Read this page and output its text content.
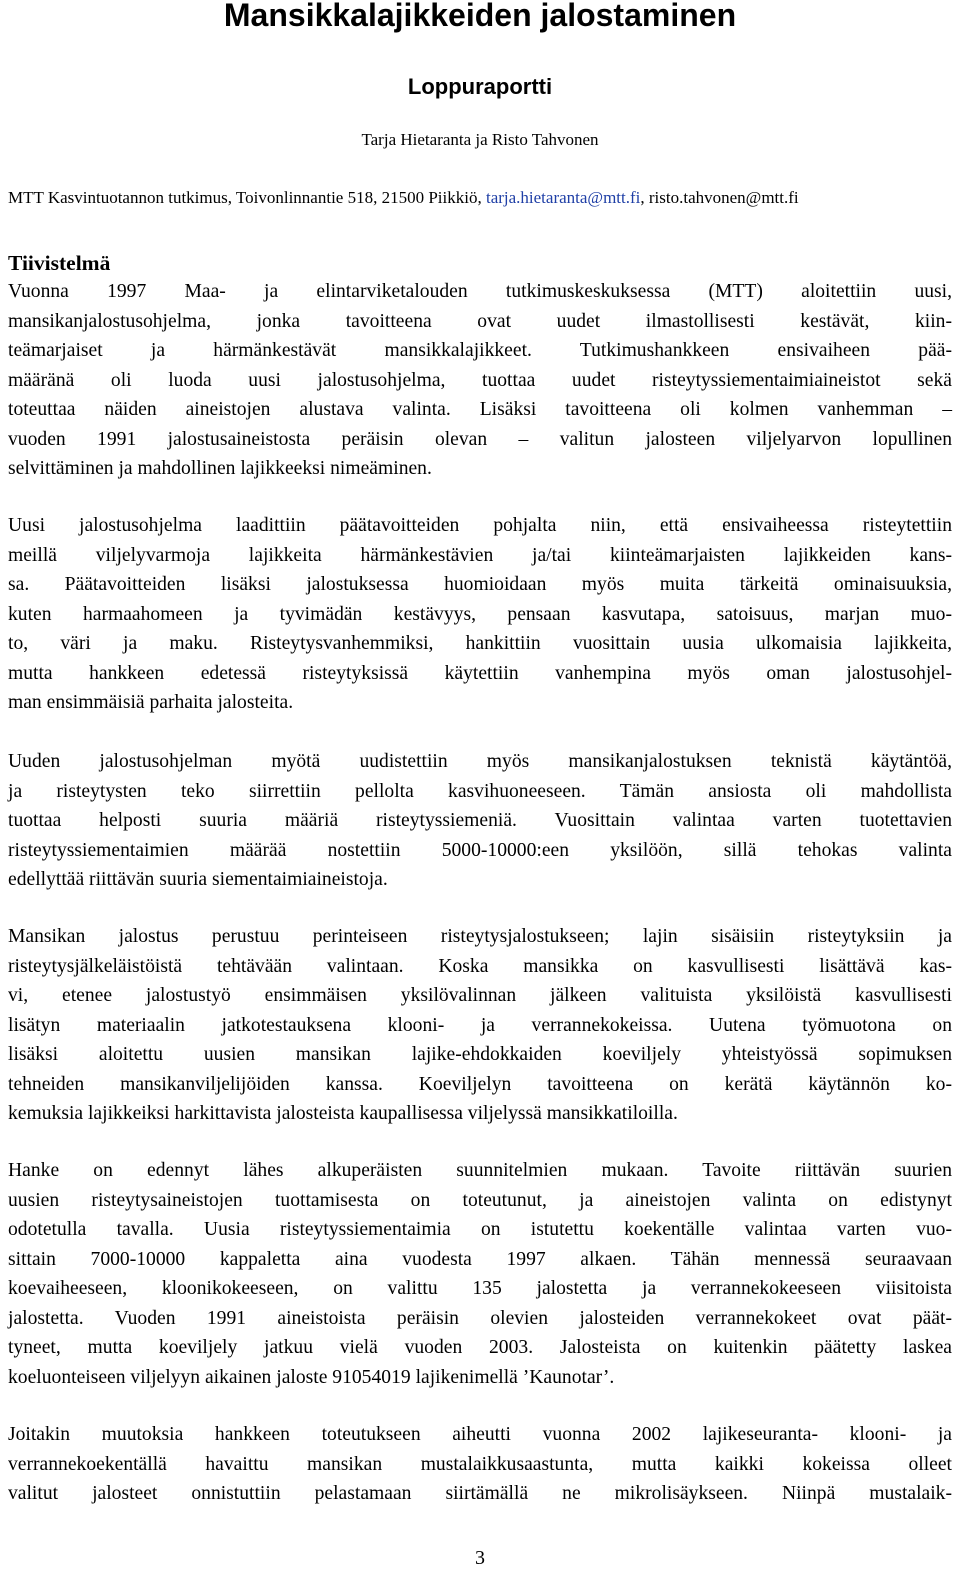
Mansikkalajikkeiden jalostaminen
Loppuraportti

Tarja Hietaranta ja Risto Tahvonen

MTT Kasvintuotannon tutkimus, Toivonlinnantie 518, 21500 Piikkiö, tarja.hietaranta@mtt.fi, risto.tahvonen@mtt.fi

Tiivistelmä
Vuonna 1997 Maa- ja elintarviketalouden tutkimuskeskuksessa (MTT) aloitettiin uusi,
mansikanjalostusohjelma, jonka tavoitteena ovat uudet ilmastollisesti kestävät, kiin-
teämarjaiset ja härmänkestävät mansikkalajikkeet. Tutkimushankkeen ensivaiheen pää-
määränä oli luoda uusi jalostusohjelma, tuottaa uudet risteytyssiementaimiaineistot sekä
toteuttaa näiden aineistojen alustava valinta. Lisäksi tavoitteena oli kolmen vanhemman –
vuoden 1991 jalostusaineistosta peräisin olevan – valitun jalosteen viljelyarvon lopullinen
selvittäminen ja mahdollinen lajikkeeksi nimeäminen.
Uusi jalostusohjelma laadittiin päätavoitteiden pohjalta niin, että ensivaiheessa risteytettiin
meillä viljelyvarmoja lajikkeita härmänkestävien ja/tai kiinteämarjaisten lajikkeiden kans-
sa. Päätavoitteiden lisäksi jalostuksessa huomioidaan myös muita tärkeitä ominaisuuksia,
kuten harmaahomeen ja tyvimädän kestävyys, pensaan kasvutapa, satoisuus, marjan muo-
to, väri ja maku. Risteytysvanhemmiksi, hankittiin vuosittain uusia ulkomaisia lajikkeita,
mutta hankkeen edetessä risteytyksissä käytettiin vanhempina myös oman jalostusohjel-
man ensimmäisiä parhaita jalosteita.
Uuden jalostusohjelman myötä uudistettiin myös mansikanjalostuksen teknistä käytäntöä,
ja risteytysten teko siirrettiin pellolta kasvihuoneeseen. Tämän ansiosta oli mahdollista
tuottaa helposti suuria määriä risteytyssiemeniä. Vuosittain valintaa varten tuotettavien
risteytyssiementaimien määrää nostettiin 5000-10000:een yksilöön, sillä tehokas valinta
edellyttää riittävän suuria siementaimiaineistoja.
Mansikan jalostus perustuu perinteiseen risteytysjalostukseen; lajin sisäisiin risteytyksiin ja
risteytysjälkeläistöistä tehtävään valintaan. Koska mansikka on kasvullisesti lisättävä kas-
vi, etenee jalostustyö ensimmäisen yksilövalinnan jälkeen valituista yksilöistä kasvullisesti
lisätyn materiaalin jatkotestauksena klooni- ja verrannekokeissa. Uutena työmuotona on
lisäksi aloitettu uusien mansikan lajike-ehdokkaiden koeviljely yhteistyössä sopimuksen
tehneiden mansikanviljelijöiden kanssa. Koeviljelyn tavoitteena on kerätä käytännön ko-
kemuksia lajikkeiksi harkittavista jalosteista kaupallisessa viljelyssä mansikkatiloilla.
Hanke on edennyt lähes alkuperäisten suunnitelmien mukaan. Tavoite riittävän suurien
uusien risteytysaineistojen tuottamisesta on toteutunut, ja aineistojen valinta on edistynyt
odotetulla tavalla. Uusia risteytyssiementaimia on istutettu koekentälle valintaa varten vuo-
sittain 7000-10000 kappaletta aina vuodesta 1997 alkaen. Tähän mennessä seuraavaan
koevaiheeseen, kloonikokeeseen, on valittu 135 jalostetta ja verrannekokeeseen viisitoista
jalostetta. Vuoden 1991 aineistoista peräisin olevien jalosteiden verrannekokeet ovat päät-
tyneet, mutta koeviljely jatkuu vielä vuoden 2003. Jalosteista on kuitenkin päätetty laskea
koeluonteiseen viljelyyn aikainen jaloste 91054019 lajikenimellä ’Kaunotar’.
Joitakin muutoksia hankkeen toteutukseen aiheutti vuonna 2002 lajikeseuranta- klooni- ja
verrannekoekentällä havaittu mansikan mustalaikkusaastunta, mutta kaikki kokeissa olleet
valitut jalosteet onnistuttiin pelastamaan siirtämällä ne mikrolisäykseen. Niinpä mustalaik-

3
